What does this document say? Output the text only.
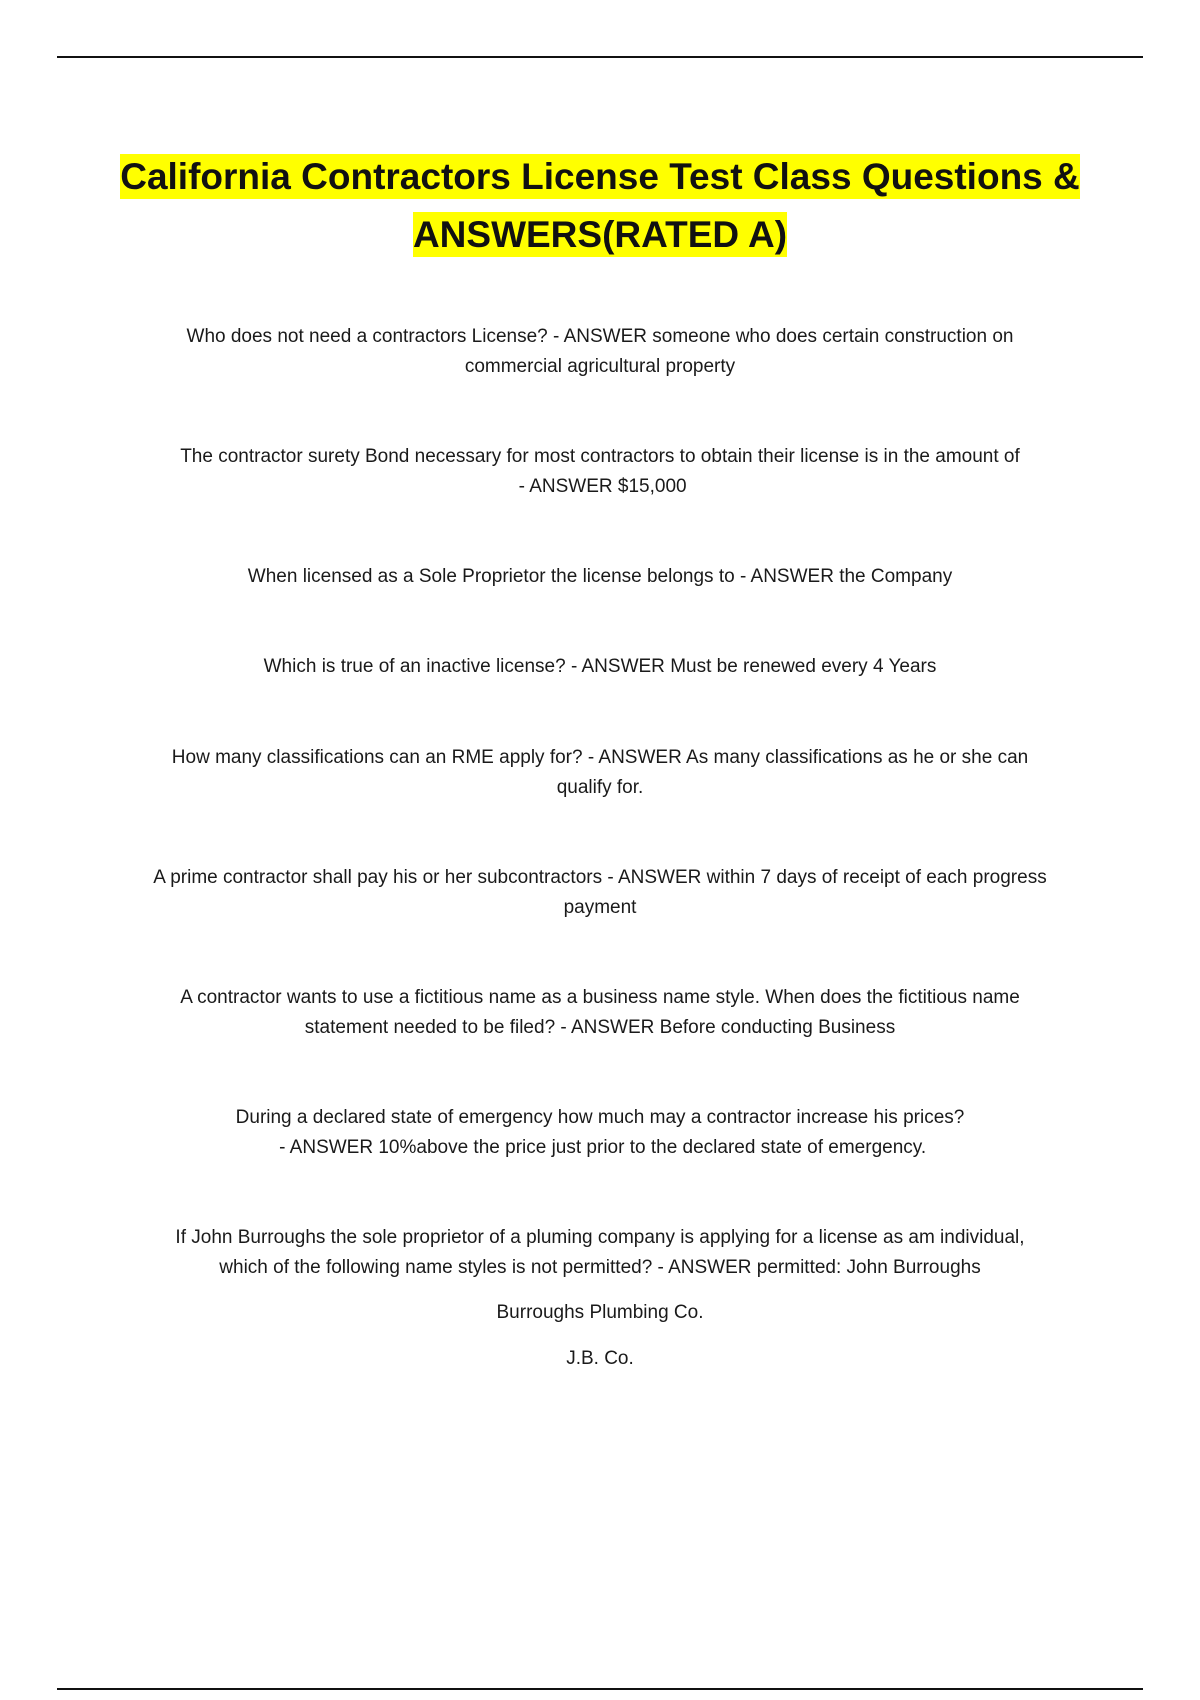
California Contractors License Test Class Questions & ANSWERS(RATED A)

Who does not need a contractors License? - ANSWER someone who does certain construction on commercial agricultural property

The contractor surety Bond necessary for most contractors to obtain their license is in the amount of - ANSWER $15,000

When licensed as a Sole Proprietor the license belongs to - ANSWER the Company

Which is true of an inactive license? - ANSWER Must be renewed every 4 Years

How many classifications can an RME apply for? - ANSWER As many classifications as he or she can qualify for.

A prime contractor shall pay his or her subcontractors - ANSWER within 7 days of receipt of each progress payment

A contractor wants to use a fictitious name as a business name style. When does the fictitious name statement needed to be filed? - ANSWER Before conducting Business

During a declared state of emergency how much may a contractor increase his prices? - ANSWER 10%above the price just prior to the declared state of emergency.

If John Burroughs the sole proprietor of a pluming company is applying for a license as am individual, which of the following name styles is not permitted? - ANSWER permitted: John Burroughs

Burroughs Plumbing Co.

J.B. Co.
